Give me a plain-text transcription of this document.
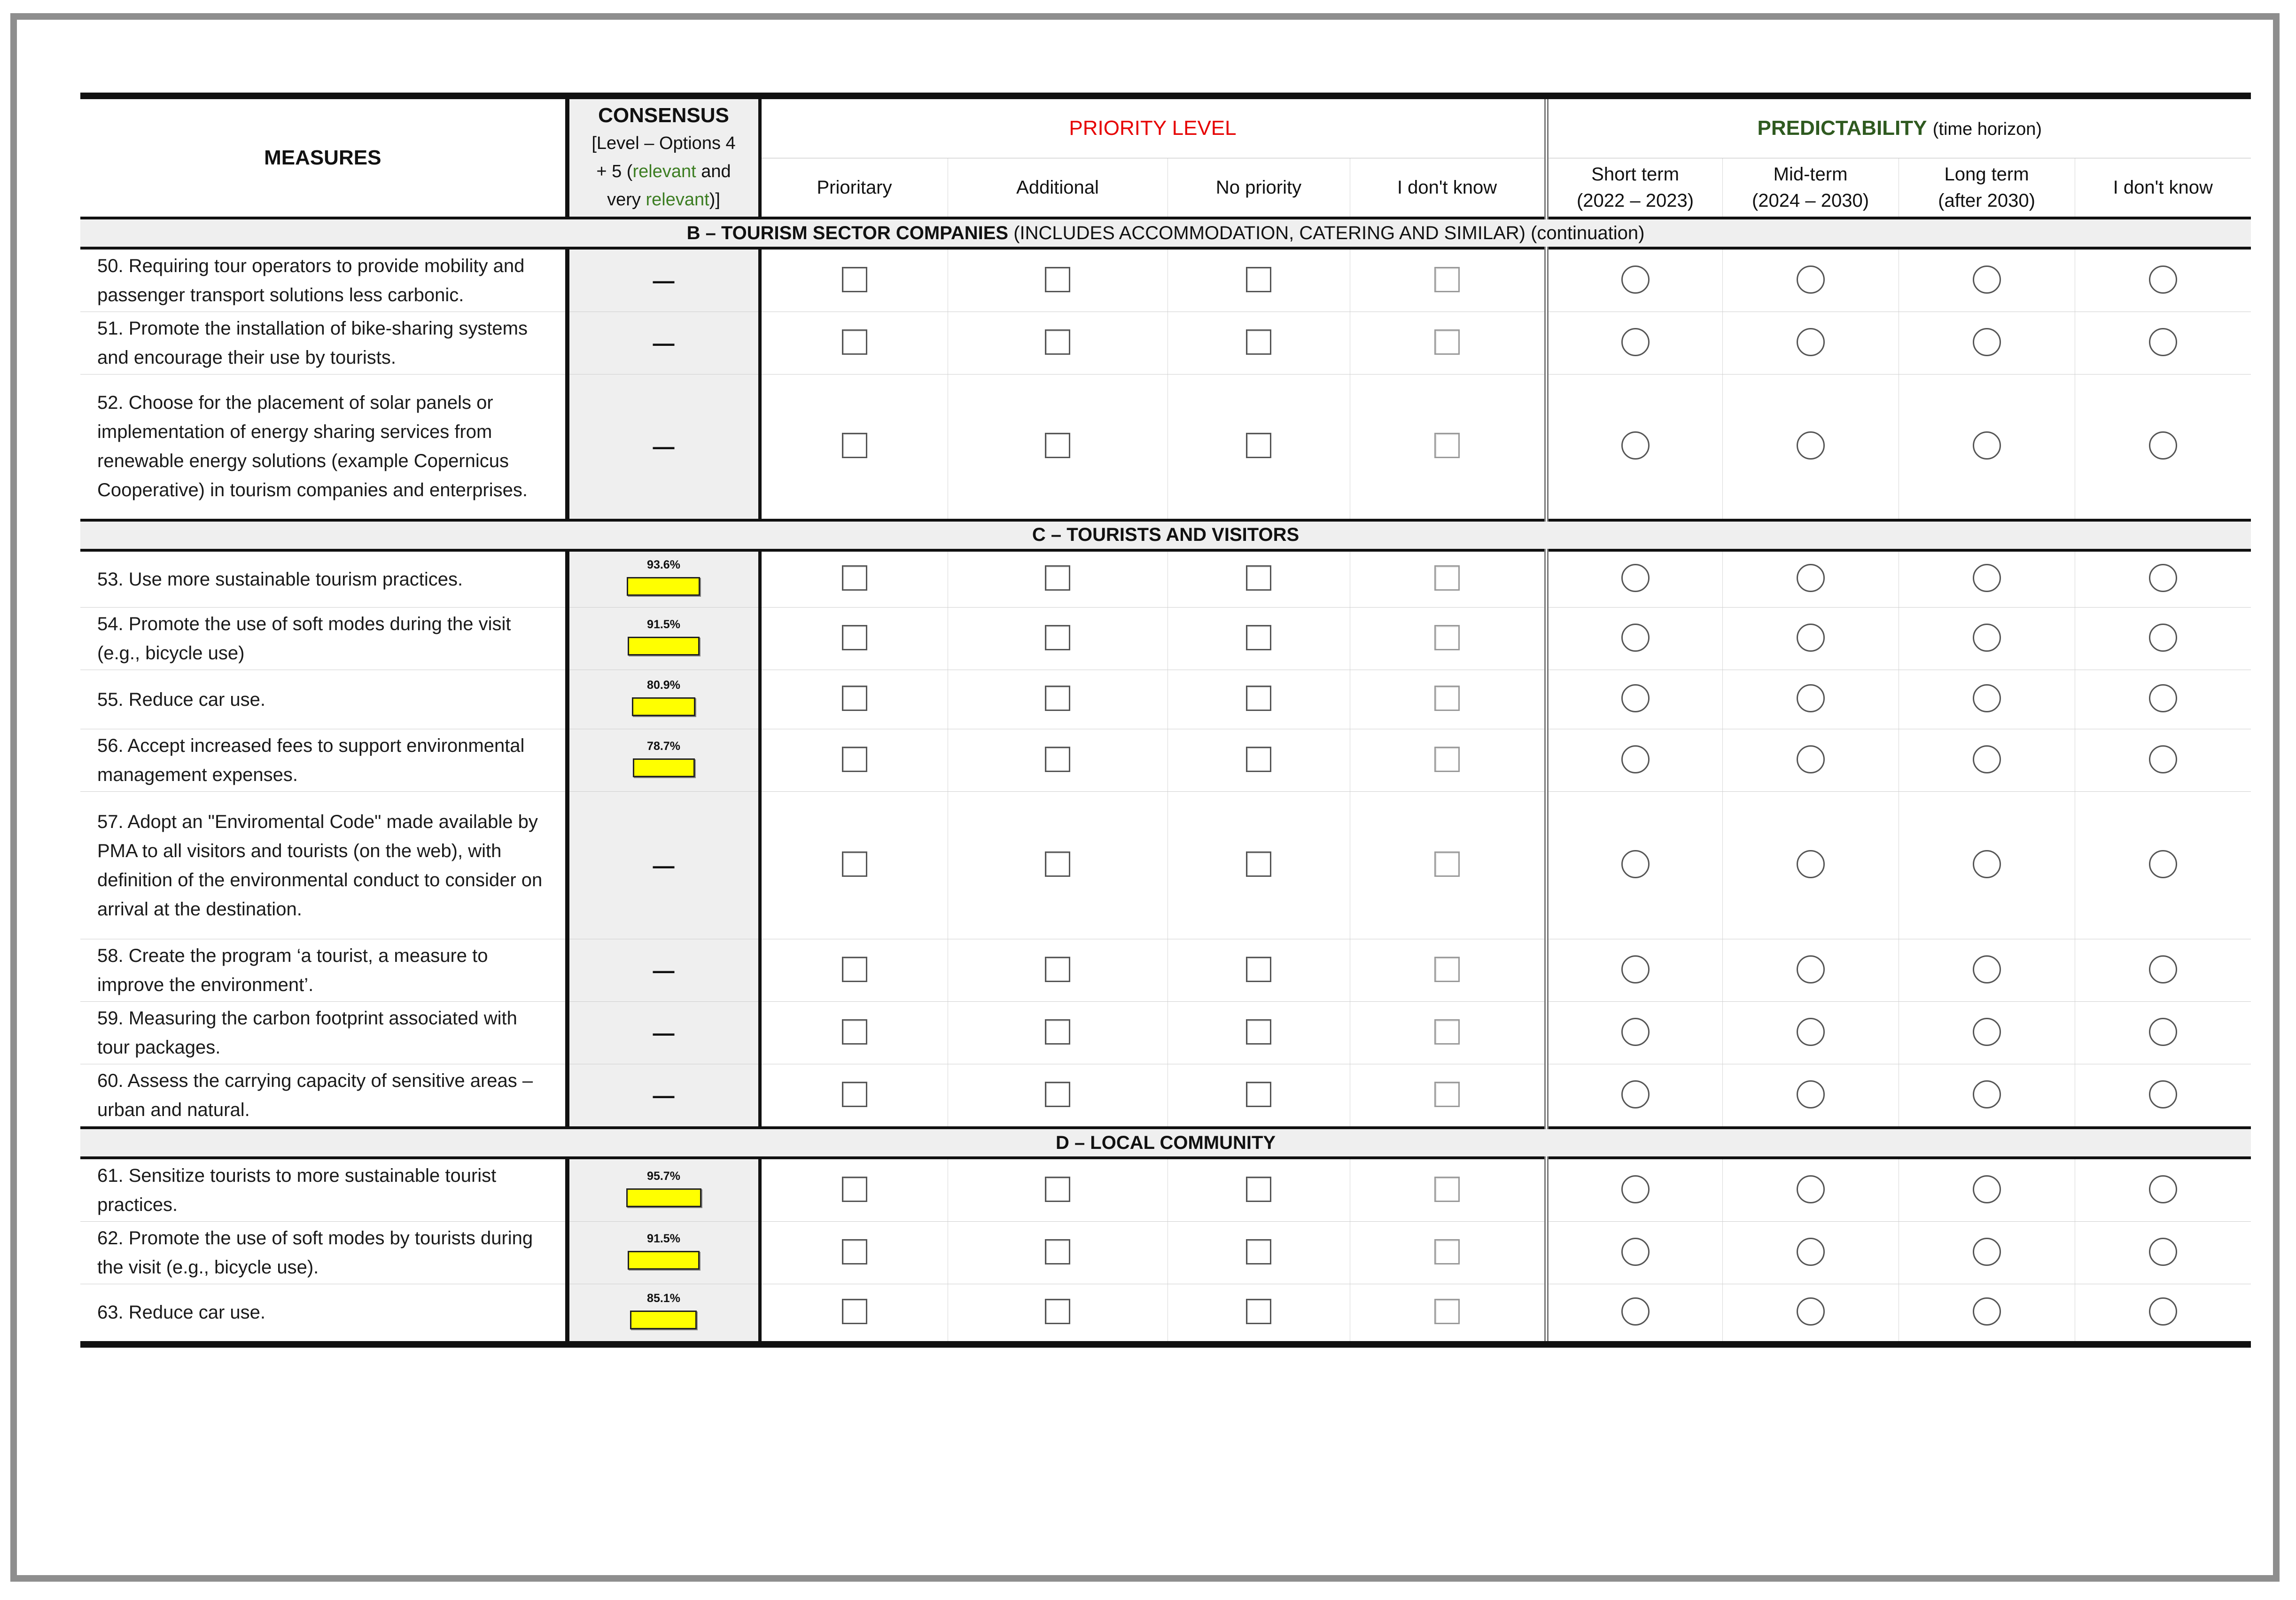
MEASURES	CONSENSUS
[Level – Options 4
+ 5 (relevant and
very relevant)]	PRIORITY LEVEL				PREDICTABILITY (time horizon)			
		Prioritary	Additional	No priority	I don't know	Short term
(2022 – 2023)	Mid-term
(2024 – 2030)	Long term
(after 2030)	I don't know
B – TOURISM SECTOR COMPANIES (INCLUDES ACCOMMODATION, CATERING AND SIMILAR) (continuation)									
50. Requiring tour operators to provide mobility and passenger transport solutions less carbonic.	—								
51. Promote the installation of bike-sharing systems and encourage their use by tourists.	—								
52. Choose for the placement of solar panels or implementation of energy sharing services from renewable energy solutions (example Copernicus Cooperative) in tourism companies and enterprises.	—								
C – TOURISTS AND VISITORS									
53. Use more sustainable tourism practices.	93.6%								

54. Promote the use of soft modes during the visit (e.g., bicycle use)	91.5%								

55. Reduce car use.	80.9%								

56. Accept increased fees to support environmental management expenses.	78.7%								

57. Adopt an "Enviromental Code" made available by PMA to all visitors and tourists (on the web), with definition of the environmental conduct to consider on arrival at the destination.	—								
58. Create the program ‘a tourist, a measure to improve the environment’.	—								
59. Measuring the carbon footprint associated with tour packages.	—								
60. Assess the carrying capacity of sensitive areas – urban and natural.	—								
D – LOCAL COMMUNITY									
61. Sensitize tourists to more sustainable tourist practices.	95.7%								

62. Promote the use of soft modes by tourists during the visit (e.g., bicycle use).	91.5%								

63. Reduce car use.	85.1%								
